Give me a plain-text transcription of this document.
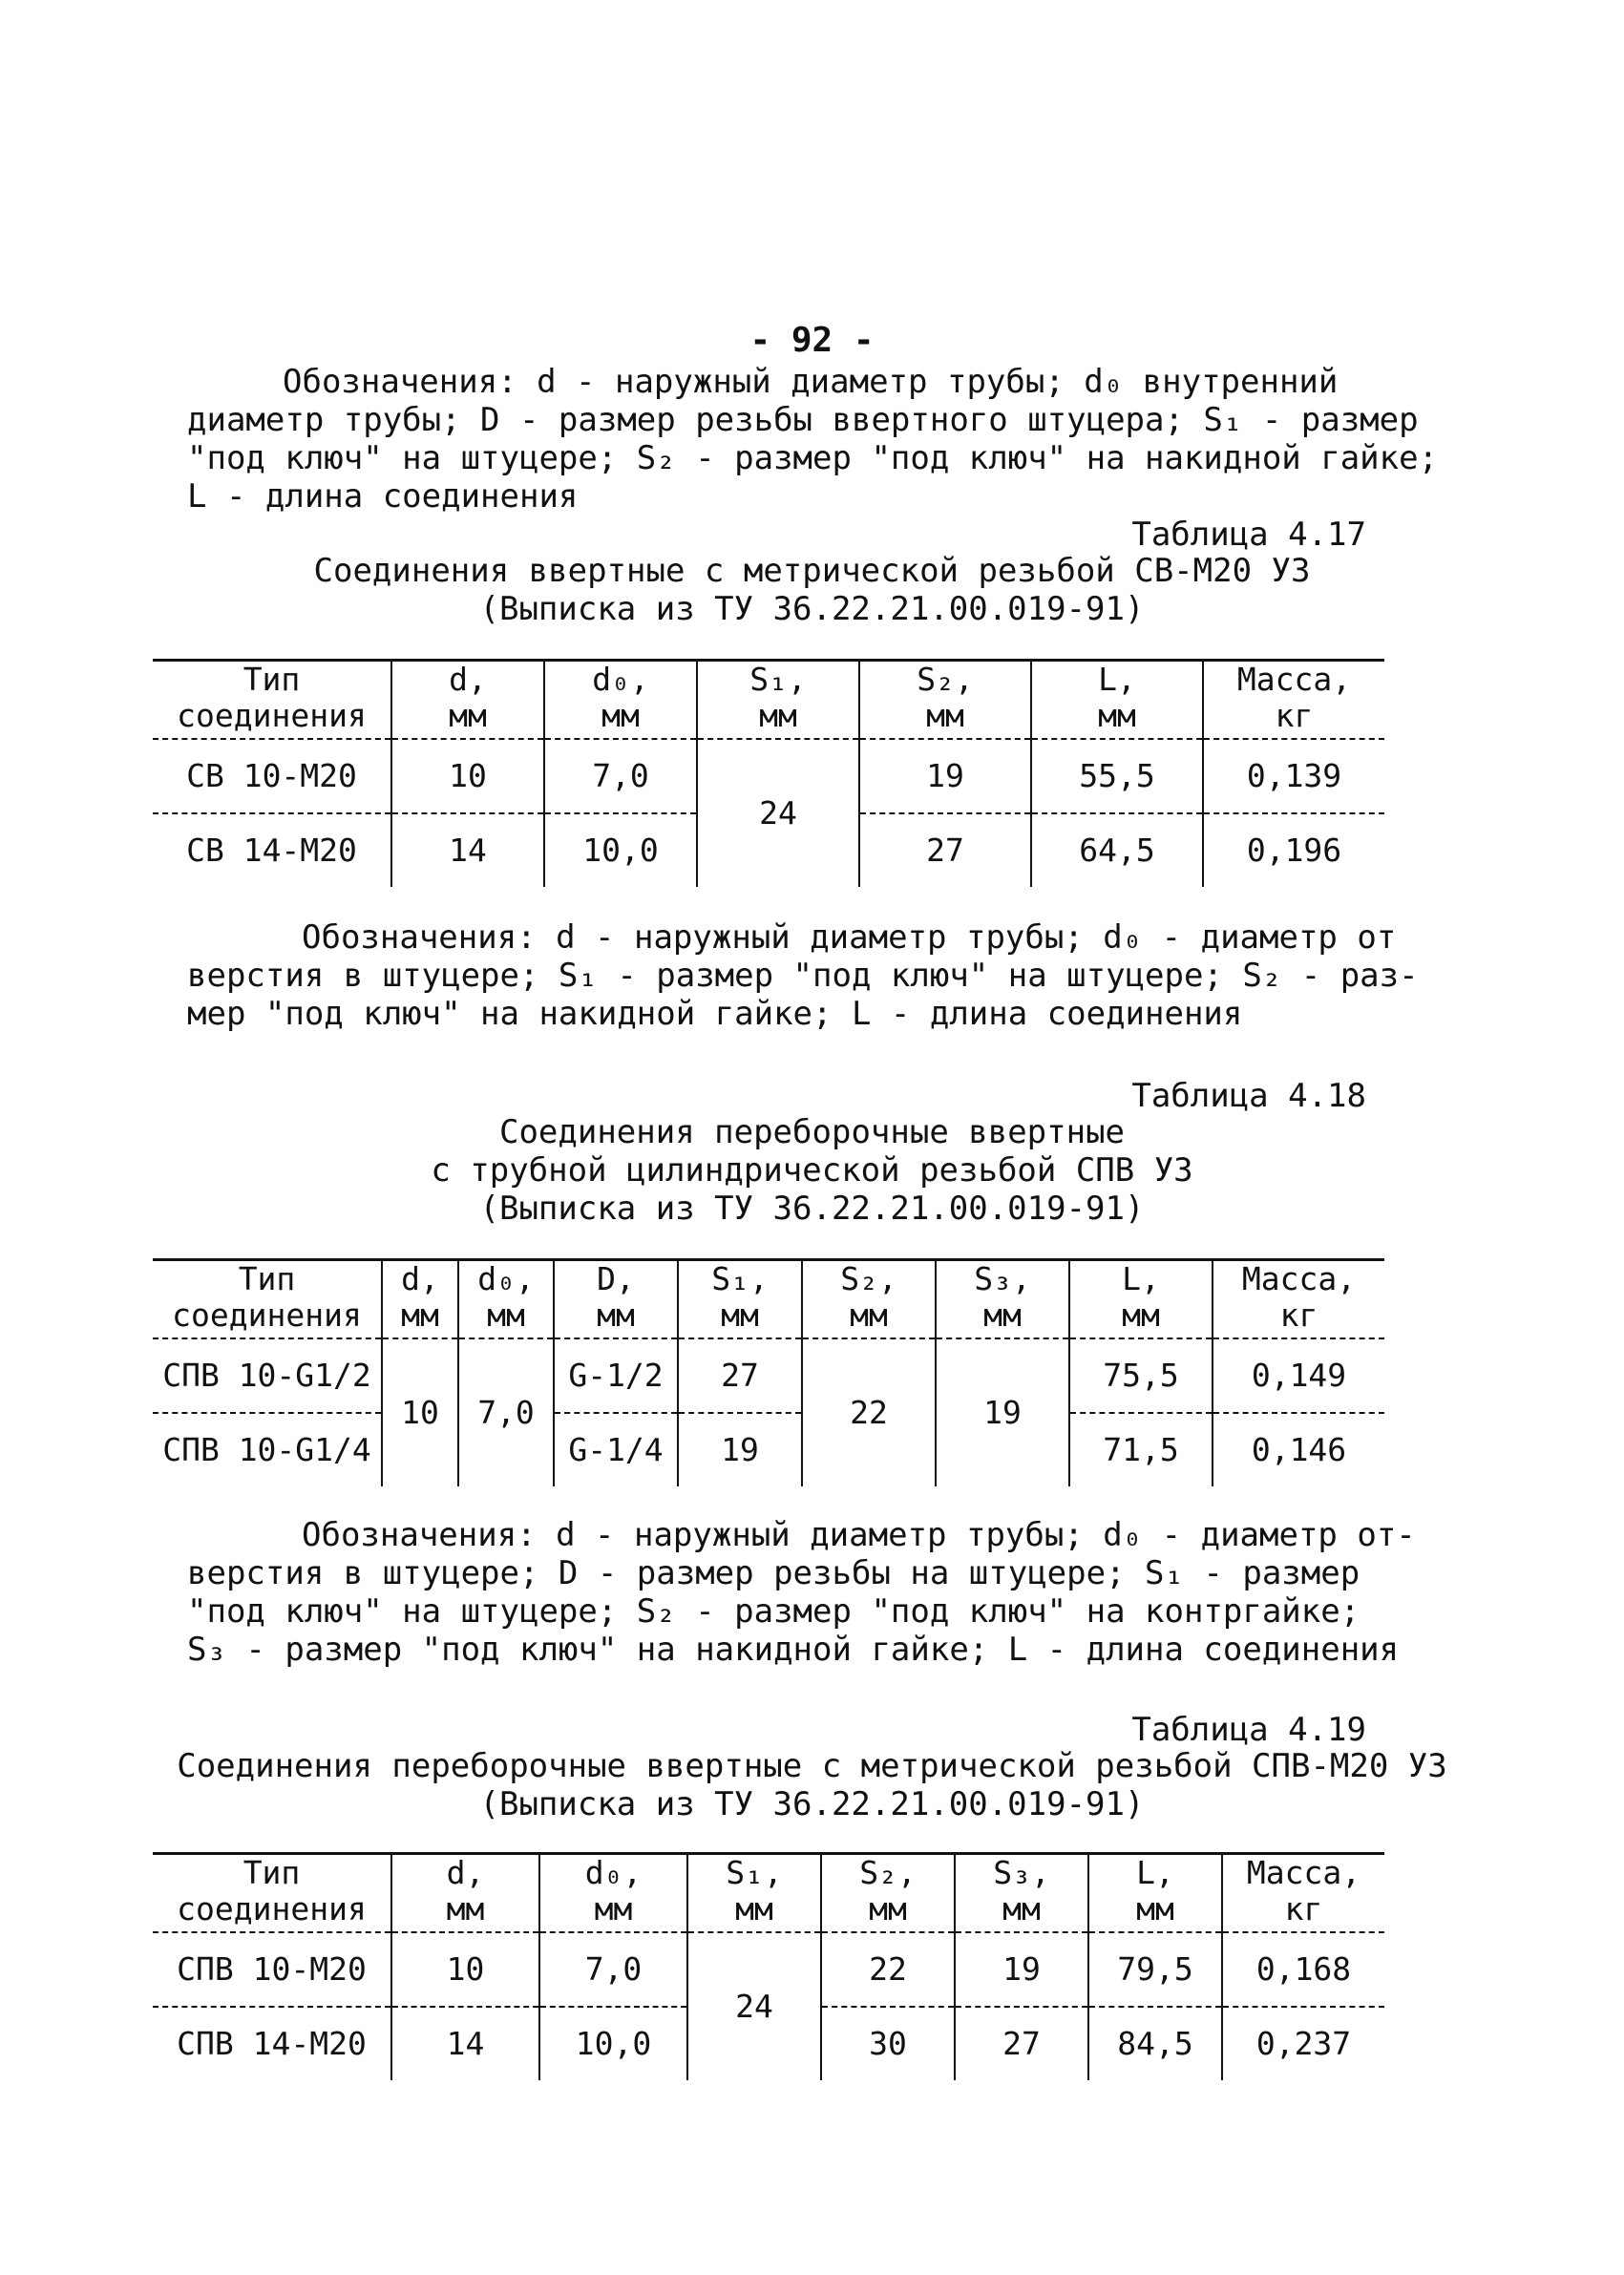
- 92 -
Обозначения: d - наружный диаметр трубы; d₀ внутренний
диаметр трубы; D - размер резьбы ввертного штуцера; S₁ - размер
"под ключ" на штуцере; S₂ - размер "под ключ" на накидной гайке;
L - длина соединения
Таблица 4.17
Соединения ввертные с метрической резьбой СВ-М20 УЗ
(Выписка из ТУ 36.22.21.00.019-91)
Тип	d,	d₀,	S₁,	S₂,	L,	Масса,
соединения	мм	мм	мм	мм	мм	кг
СВ 10-М20	10	7,0	24	19	55,5	0,139
СВ 14-М20	14	10,0		27	64,5	0,196
Обозначения: d - наружный диаметр трубы; d₀ - диаметр от
верстия в штуцере; S₁ - размер "под ключ" на штуцере; S₂ - раз-
мер "под ключ" на накидной гайке; L - длина соединения
Таблица 4.18
Соединения переборочные ввертные
с трубной цилиндрической резьбой СПВ УЗ
(Выписка из ТУ 36.22.21.00.019-91)
Тип	d,	d₀,	D,	S₁,	S₂,	S₃,	L,	Масса,
соединения	мм	мм	мм	мм	мм	мм	мм	кг
СПВ 10-G1/2	10	7,0	G-1/2	27	22	19	75,5	0,149
СПВ 10-G1/4			G-1/4	19			71,5	0,146
Обозначения: d - наружный диаметр трубы; d₀ - диаметр от-
верстия в штуцере; D - размер резьбы на штуцере; S₁ - размер
"под ключ" на штуцере; S₂ - размер "под ключ" на контргайке;
S₃ - размер "под ключ" на накидной гайке; L - длина соединения
Таблица 4.19
Соединения переборочные ввертные с метрической резьбой СПВ-М20 УЗ
(Выписка из ТУ 36.22.21.00.019-91)
Тип	d,	d₀,	S₁,	S₂,	S₃,	L,	Масса,
соединения	мм	мм	мм	мм	мм	мм	кг
СПВ 10-М20	10	7,0	24	22	19	79,5	0,168
СПВ 14-М20	14	10,0		30	27	84,5	0,237
